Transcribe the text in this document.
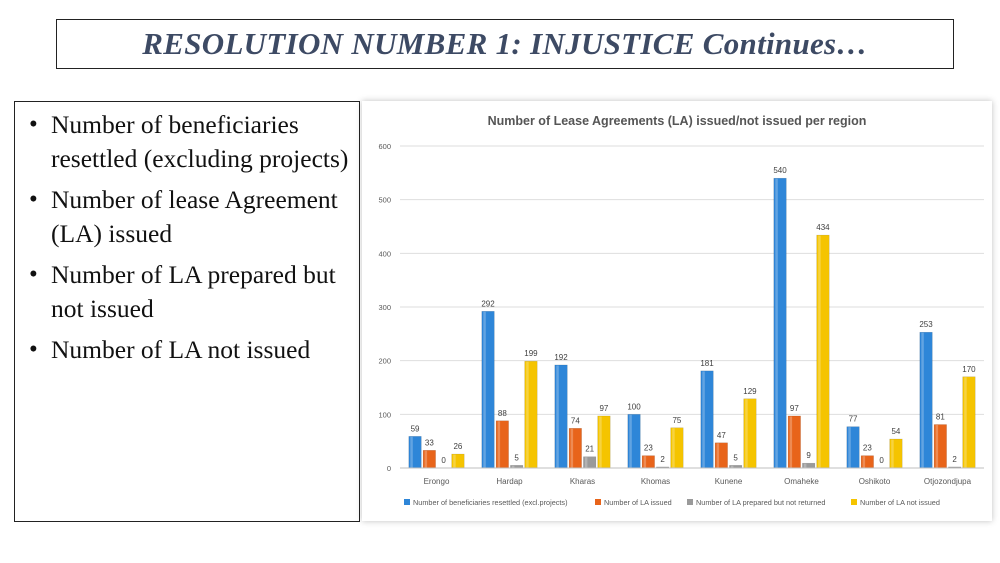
RESOLUTION NUMBER 1: INJUSTICE Continues…
• Number of beneficiaries resettled (excluding projects)
• Number of lease Agreement (LA) issued
• Number of LA prepared but not issued
• Number of LA not issued
Number of Lease Agreements (LA) issued/not issued per region
0
100
200
300
400
500
600
59
33
0
26
Erongo
292
88
5
199
Hardap
192
74
21
97
Kharas
100
23
2
75
Khomas
181
47
5
129
Kunene
540
97
9
434
Omaheke
77
23
0
54
Oshikoto
253
81
2
170
Otjozondjupa
Number of beneficiaries resettled (excl.projects)	Number of LA issued	Number of LA prepared but not returned	Number of LA not issued
